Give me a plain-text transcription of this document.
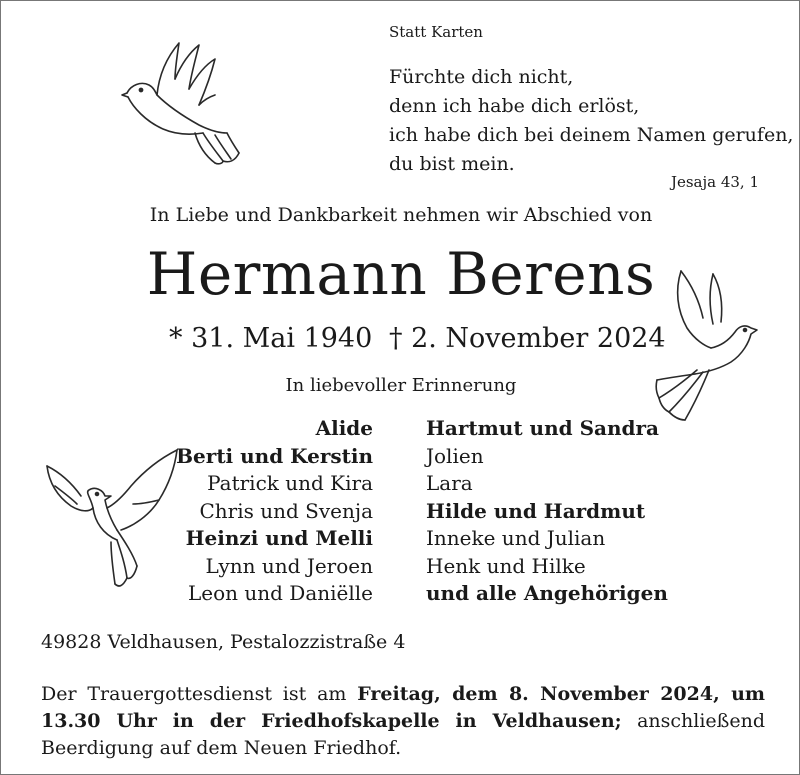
Statt Karten
Fürchte dich nicht,
denn ich habe dich erlöst,
ich habe dich bei deinem Namen gerufen,
du bist mein.
Jesaja 43, 1
In Liebe und Dankbarkeit nehmen wir Abschied von
Hermann Berens
* 31. Mai 1940 † 2. November 2024
In liebevoller Erinnerung
Alide
Berti und Kerstin
Patrick und Kira
Chris und Svenja
Heinzi und Melli
Lynn und Jeroen
Leon und Daniëlle
Hartmut und Sandra
Jolien
Lara
Hilde und Hardmut
Inneke und Julian
Henk und Hilke
und alle Angehörigen
49828 Veldhausen, Pestalozzistraße 4
Der Trauergottesdienst ist am Freitag, dem 8. November 2024, um 13.30 Uhr in der Friedhofskapelle in Veldhausen; anschließend Beerdigung auf dem Neuen Friedhof.
